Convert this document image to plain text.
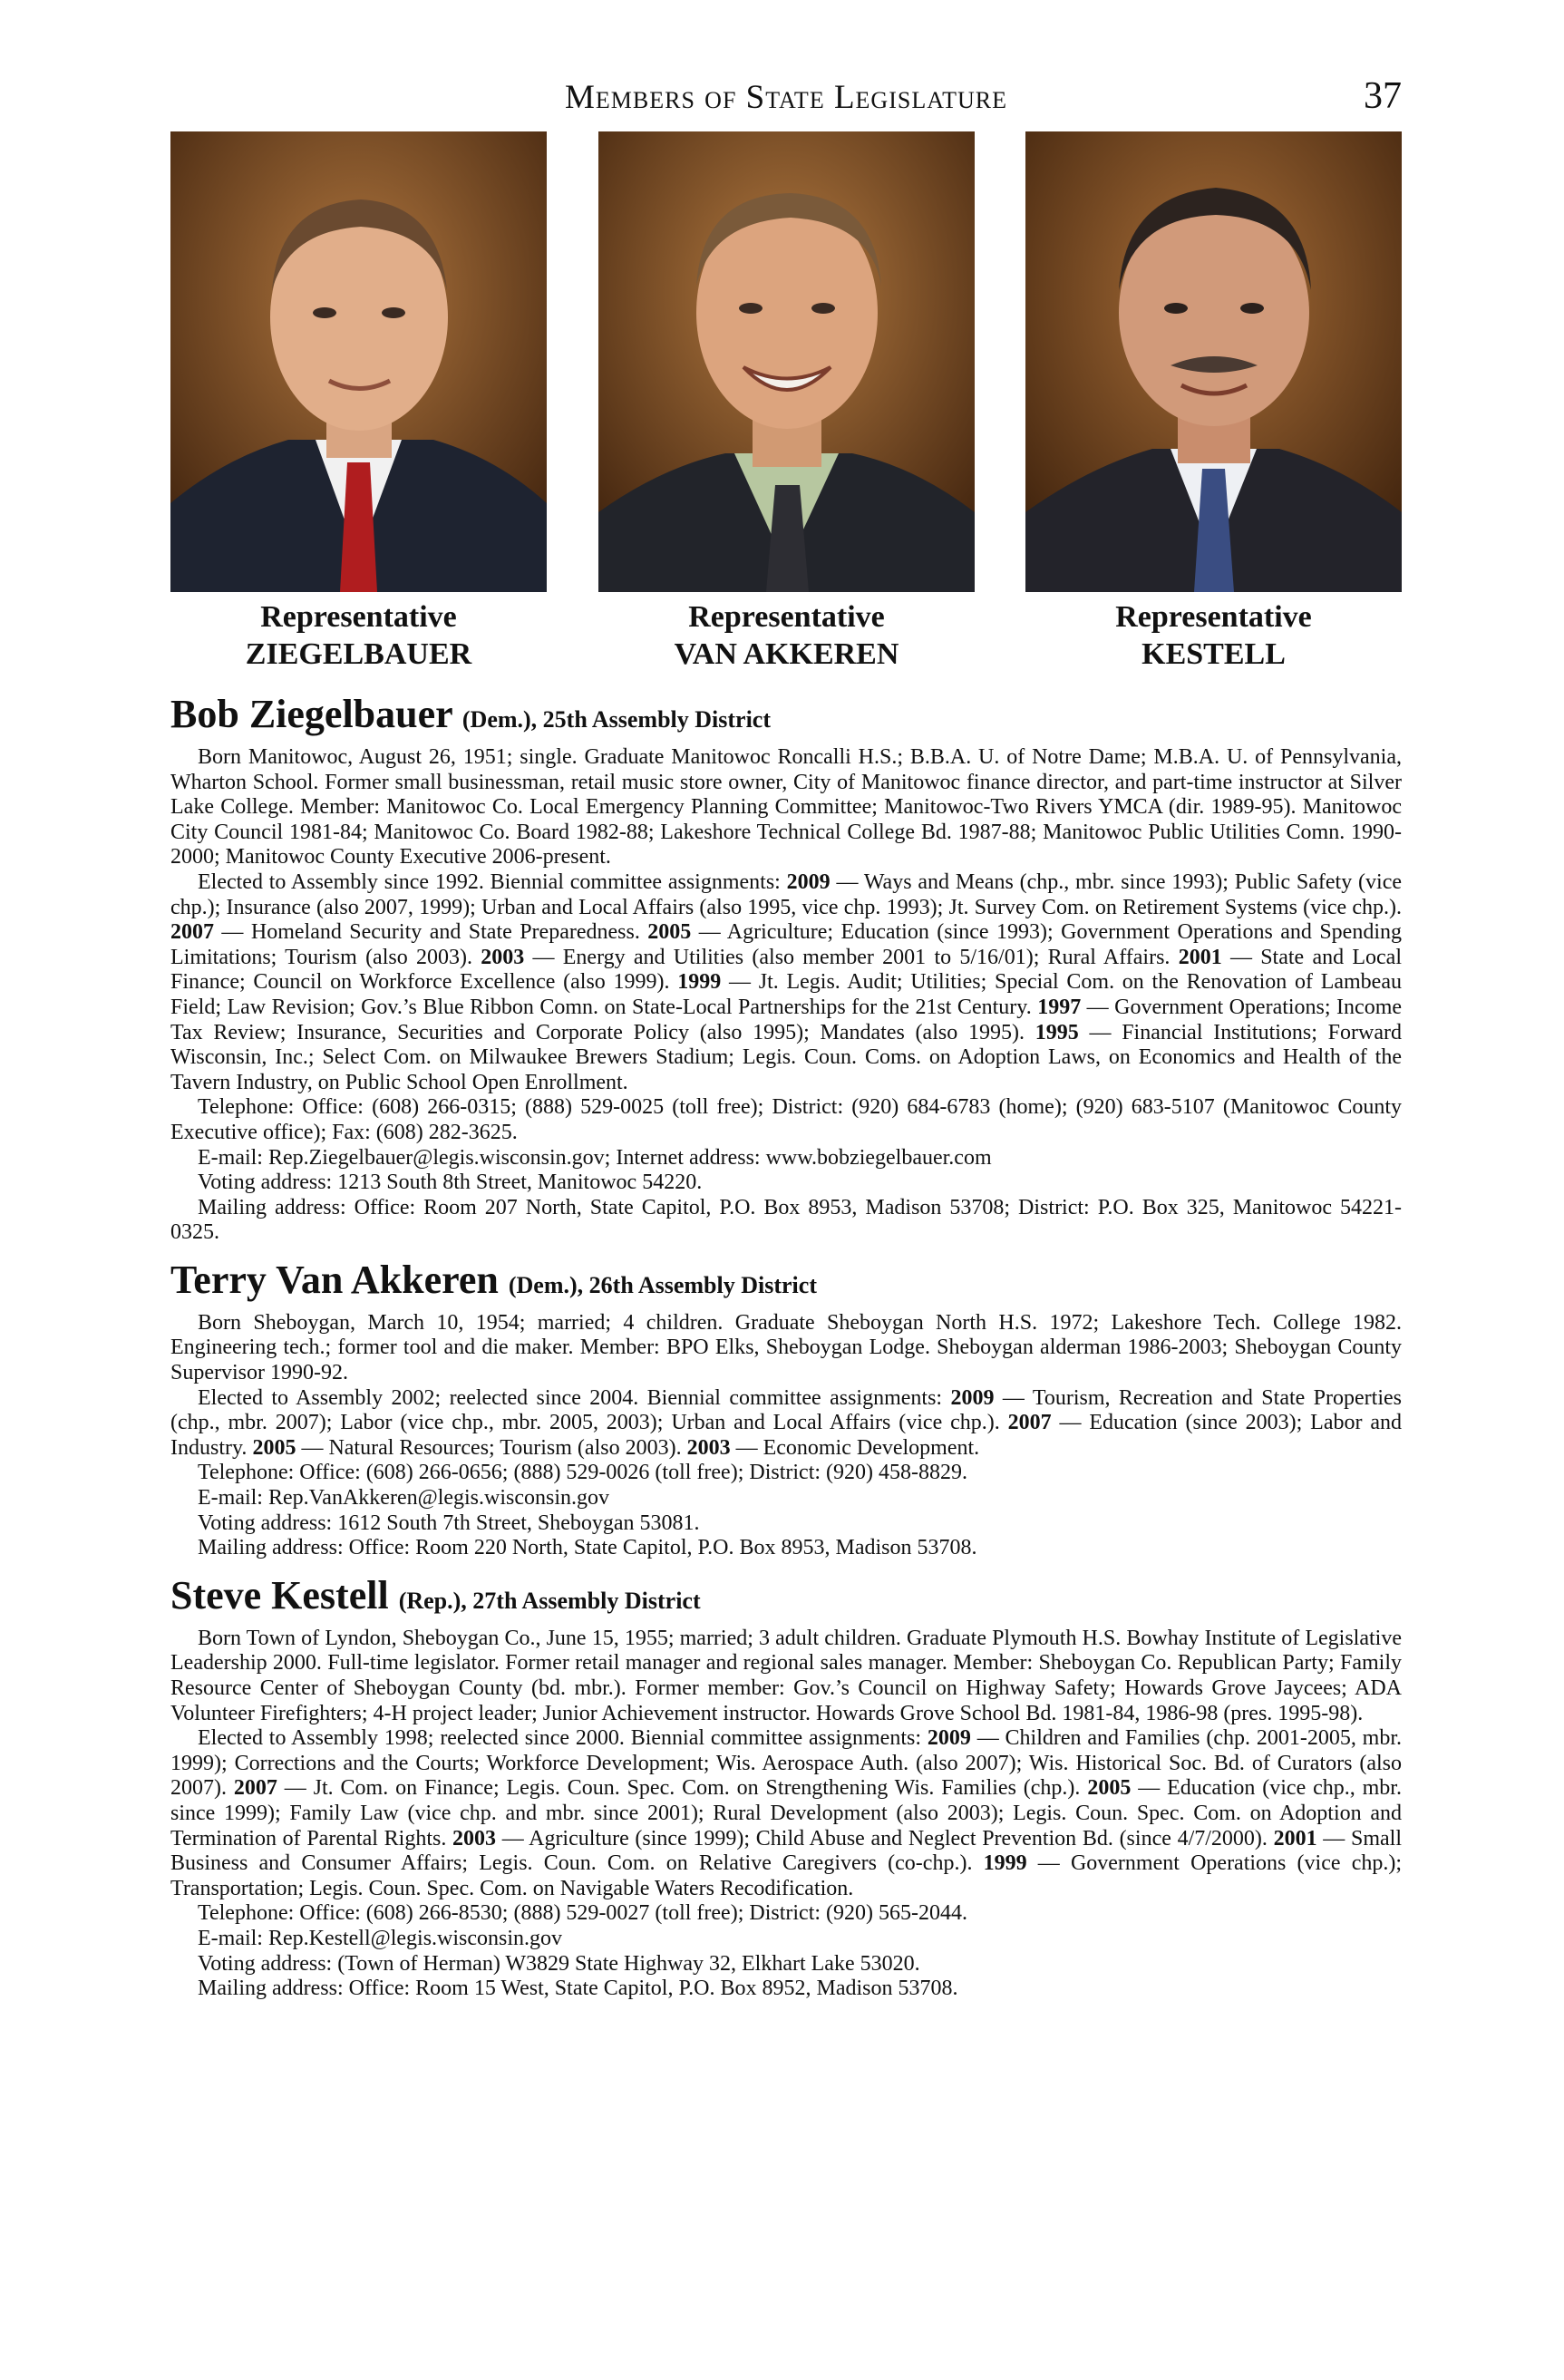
Members of State Legislature	37
Representative
ZIEGELBAUER
Representative
VAN AKKEREN
Representative
KESTELL
Bob Ziegelbauer (Dem.), 25th Assembly District

Born Manitowoc, August 26, 1951; single. Graduate Manitowoc Roncalli H.S.; B.B.A. U. of Notre Dame; M.B.A. U. of Pennsylvania, Wharton School. Former small businessman, retail music store owner, City of Manitowoc finance director, and part-time instructor at Silver Lake College. Member: Manitowoc Co. Local Emergency Planning Committee; Manitowoc-Two Rivers YMCA (dir. 1989-95). Manitowoc City Council 1981-84; Manitowoc Co. Board 1982-88; Lakeshore Technical College Bd. 1987-88; Manitowoc Public Utilities Comn. 1990-2000; Manitowoc County Executive 2006-present.

Elected to Assembly since 1992. Biennial committee assignments: 2009 — Ways and Means (chp., mbr. since 1993); Public Safety (vice chp.); Insurance (also 2007, 1999); Urban and Local Affairs (also 1995, vice chp. 1993); Jt. Survey Com. on Retirement Systems (vice chp.). 2007 — Homeland Security and State Preparedness. 2005 — Agriculture; Education (since 1993); Government Operations and Spending Limitations; Tourism (also 2003). 2003 — Energy and Utilities (also member 2001 to 5/16/01); Rural Affairs. 2001 — State and Local Finance; Council on Workforce Excellence (also 1999). 1999 — Jt. Legis. Audit; Utilities; Special Com. on the Renovation of Lambeau Field; Law Revision; Gov.’s Blue Ribbon Comn. on State-Local Partnerships for the 21st Century. 1997 — Government Operations; Income Tax Review; Insurance, Securities and Corporate Policy (also 1995); Mandates (also 1995). 1995 — Financial Institutions; Forward Wisconsin, Inc.; Select Com. on Milwaukee Brewers Stadium; Legis. Coun. Coms. on Adoption Laws, on Economics and Health of the Tavern Industry, on Public School Open Enrollment.

Telephone: Office: (608) 266-0315; (888) 529-0025 (toll free); District: (920) 684-6783 (home); (920) 683-5107 (Manitowoc County Executive office); Fax: (608) 282-3625.

E-mail: Rep.Ziegelbauer@legis.wisconsin.gov; Internet address: www.bobziegelbauer.com

Voting address: 1213 South 8th Street, Manitowoc 54220.

Mailing address: Office: Room 207 North, State Capitol, P.O. Box 8953, Madison 53708; District: P.O. Box 325, Manitowoc 54221-0325.

Terry Van Akkeren (Dem.), 26th Assembly District

Born Sheboygan, March 10, 1954; married; 4 children. Graduate Sheboygan North H.S. 1972; Lakeshore Tech. College 1982. Engineering tech.; former tool and die maker. Member: BPO Elks, Sheboygan Lodge. Sheboygan alderman 1986-2003; Sheboygan County Supervisor 1990-92.

Elected to Assembly 2002; reelected since 2004. Biennial committee assignments: 2009 — Tourism, Recreation and State Properties (chp., mbr. 2007); Labor (vice chp., mbr. 2005, 2003); Urban and Local Affairs (vice chp.). 2007 — Education (since 2003); Labor and Industry. 2005 — Natural Resources; Tourism (also 2003). 2003 — Economic Development.

Telephone: Office: (608) 266-0656; (888) 529-0026 (toll free); District: (920) 458-8829.

E-mail: Rep.VanAkkeren@legis.wisconsin.gov

Voting address: 1612 South 7th Street, Sheboygan 53081.

Mailing address: Office: Room 220 North, State Capitol, P.O. Box 8953, Madison 53708.

Steve Kestell (Rep.), 27th Assembly District

Born Town of Lyndon, Sheboygan Co., June 15, 1955; married; 3 adult children. Graduate Plymouth H.S. Bowhay Institute of Legislative Leadership 2000. Full-time legislator. Former retail manager and regional sales manager. Member: Sheboygan Co. Republican Party; Family Resource Center of Sheboygan County (bd. mbr.). Former member: Gov.’s Council on Highway Safety; Howards Grove Jaycees; ADA Volunteer Firefighters; 4-H project leader; Junior Achievement instructor. Howards Grove School Bd. 1981-84, 1986-98 (pres. 1995-98).

Elected to Assembly 1998; reelected since 2000. Biennial committee assignments: 2009 — Children and Families (chp. 2001-2005, mbr. 1999); Corrections and the Courts; Workforce Development; Wis. Aerospace Auth. (also 2007); Wis. Historical Soc. Bd. of Curators (also 2007). 2007 — Jt. Com. on Finance; Legis. Coun. Spec. Com. on Strengthening Wis. Families (chp.). 2005 — Education (vice chp., mbr. since 1999); Family Law (vice chp. and mbr. since 2001); Rural Development (also 2003); Legis. Coun. Spec. Com. on Adoption and Termination of Parental Rights. 2003 — Agriculture (since 1999); Child Abuse and Neglect Prevention Bd. (since 4/7/2000). 2001 — Small Business and Consumer Affairs; Legis. Coun. Com. on Relative Caregivers (co-chp.). 1999 — Government Operations (vice chp.); Transportation; Legis. Coun. Spec. Com. on Navigable Waters Recodification.

Telephone: Office: (608) 266-8530; (888) 529-0027 (toll free); District: (920) 565-2044.

E-mail: Rep.Kestell@legis.wisconsin.gov

Voting address: (Town of Herman) W3829 State Highway 32, Elkhart Lake 53020.

Mailing address: Office: Room 15 West, State Capitol, P.O. Box 8952, Madison 53708.
